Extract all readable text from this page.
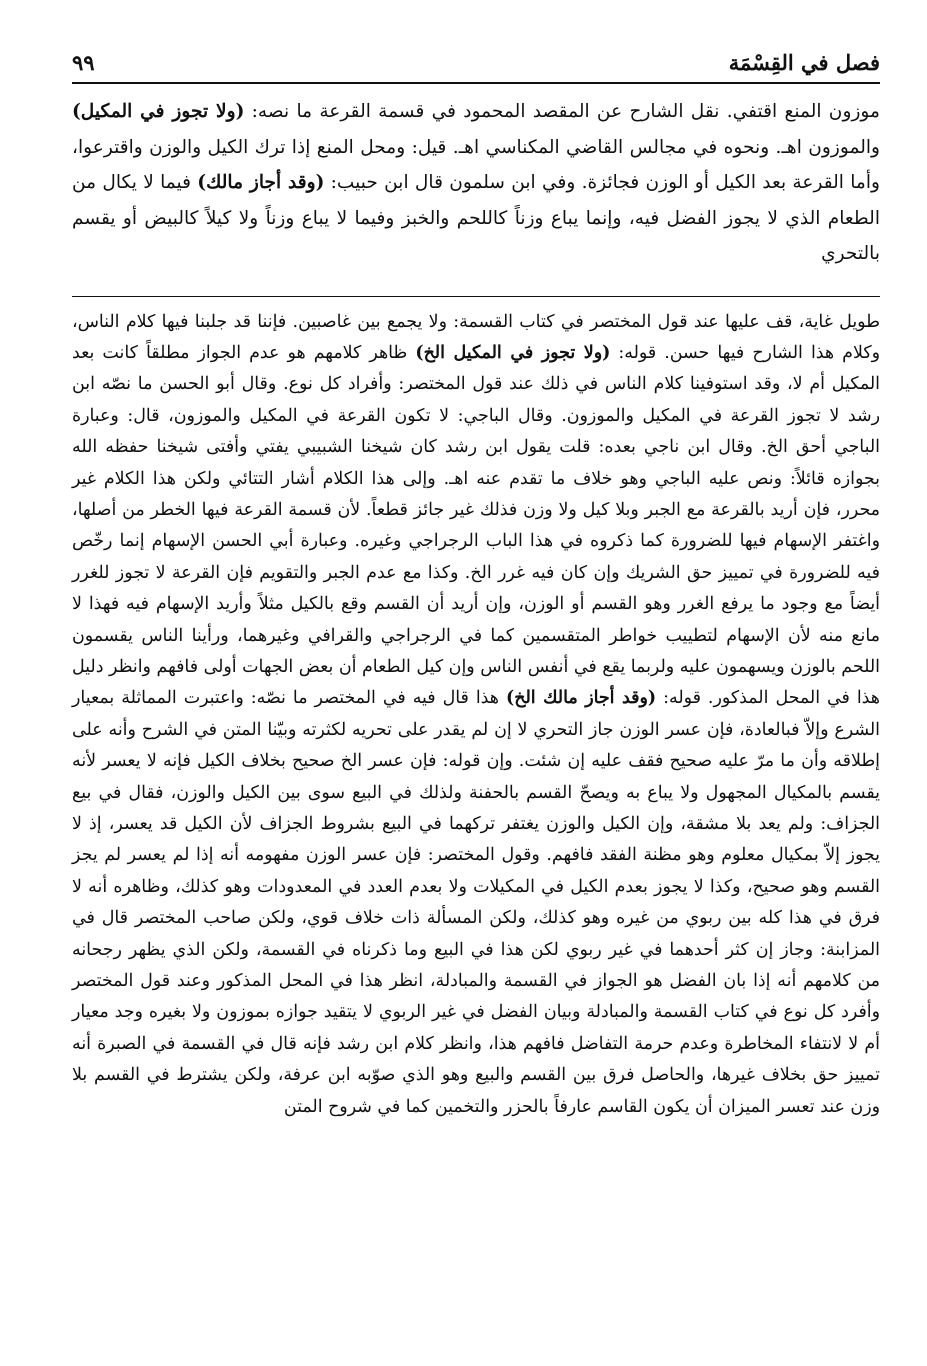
فصل في القِسْمَة
٩٩

موزون المنع اقتفي. نقل الشارح عن المقصد المحمود في قسمة القرعة ما نصه: (ولا تجوز في المكيل) والموزون اهـ. ونحوه في مجالس القاضي المكناسي اهـ. قيل: ومحل المنع إذا ترك الكيل والوزن واقترعوا، وأما القرعة بعد الكيل أو الوزن فجائزة. وفي ابن سلمون قال ابن حبيب: (وقد أجاز مالك) فيما لا يكال من الطعام الذي لا يجوز الفضل فيه، وإنما يباع وزناً كاللحم والخبز وفيما لا يباع وزناً ولا كيلاً كالبيض أو يقسم بالتحري

طويل غاية، قف عليها عند قول المختصر في كتاب القسمة: ولا يجمع بين غاصبين. فإننا قد جلبنا فيها كلام الناس، وكلام هذا الشارح فيها حسن. قوله: (ولا تجوز في المكيل الخ) ظاهر كلامهم هو عدم الجواز مطلقاً كانت بعد المكيل أم لا، وقد استوفينا كلام الناس في ذلك عند قول المختصر: وأفراد كل نوع. وقال أبو الحسن ما نصّه ابن رشد لا تجوز القرعة في المكيل والموزون. وقال الباجي: لا تكون القرعة في المكيل والموزون، قال: وعبارة الباجي أحق الخ. وقال ابن ناجي بعده: قلت يقول ابن رشد كان شيخنا الشبيبي يفتي وأفتى شيخنا حفظه الله بجوازه قائلاً: ونص عليه الباجي وهو خلاف ما تقدم عنه اهـ. وإلى هذا الكلام أشار التتائي ولكن هذا الكلام غير محرر، فإن أريد بالقرعة مع الجبر وبلا كيل ولا وزن فذلك غير جائز قطعاً. لأن قسمة القرعة فيها الخطر من أصلها، واغتفر الإسهام فيها للضرورة كما ذكروه في هذا الباب الرجراجي وغيره. وعبارة أبي الحسن الإسهام إنما رخّص فيه للضرورة في تمييز حق الشريك وإن كان فيه غرر الخ. وكذا مع عدم الجبر والتقويم فإن القرعة لا تجوز للغرر أيضاً مع وجود ما يرفع الغرر وهو القسم أو الوزن، وإن أريد أن القسم وقع بالكيل مثلاً وأريد الإسهام فيه فهذا لا مانع منه لأن الإسهام لتطييب خواطر المتقسمين كما في الرجراجي والقرافي وغيرهما، ورأينا الناس يقسمون اللحم بالوزن ويسهمون عليه ولربما يقع في أنفس الناس وإن كيل الطعام أن بعض الجهات أولى فافهم وانظر دليل هذا في المحل المذكور. قوله: (وقد أجاز مالك الخ) هذا قال فيه في المختصر ما نصّه: واعتبرت المماثلة بمعيار الشرع وإلاّ فبالعادة، فإن عسر الوزن جاز التحري لا إن لم يقدر على تحريه لكثرته وبيّنا المتن في الشرح وأنه على إطلاقه وأن ما مرّ عليه صحيح فقف عليه إن شئت. وإن قوله: فإن عسر الخ صحيح بخلاف الكيل فإنه لا يعسر لأنه يقسم بالمكيال المجهول ولا يباع به ويصحّ القسم بالحفنة ولذلك في البيع سوى بين الكيل والوزن، فقال في بيع الجزاف: ولم يعد بلا مشقة، وإن الكيل والوزن يغتفر تركهما في البيع بشروط الجزاف لأن الكيل قد يعسر، إذ لا يجوز إلاّ بمكيال معلوم وهو مظنة الفقد فافهم. وقول المختصر: فإن عسر الوزن مفهومه أنه إذا لم يعسر لم يجز القسم وهو صحيح، وكذا لا يجوز بعدم الكيل في المكيلات ولا بعدم العدد في المعدودات وهو كذلك، وظاهره أنه لا فرق في هذا كله بين ربوي من غيره وهو كذلك، ولكن المسألة ذات خلاف قوي، ولكن صاحب المختصر قال في المزابنة: وجاز إن كثر أحدهما في غير ربوي لكن هذا في البيع وما ذكرناه في القسمة، ولكن الذي يظهر رجحانه من كلامهم أنه إذا بان الفضل هو الجواز في القسمة والمبادلة، انظر هذا في المحل المذكور وعند قول المختصر وأفرد كل نوع في كتاب القسمة والمبادلة وبيان الفضل في غير الربوي لا يتقيد جوازه بموزون ولا بغيره وجد معيار أم لا لانتفاء المخاطرة وعدم حرمة التفاضل فافهم هذا، وانظر كلام ابن رشد فإنه قال في القسمة في الصبرة أنه تمييز حق بخلاف غيرها، والحاصل فرق بين القسم والبيع وهو الذي صوّبه ابن عرفة، ولكن يشترط في القسم بلا وزن عند تعسر الميزان أن يكون القاسم عارفاً بالحزر والتخمين كما في شروح المتن
